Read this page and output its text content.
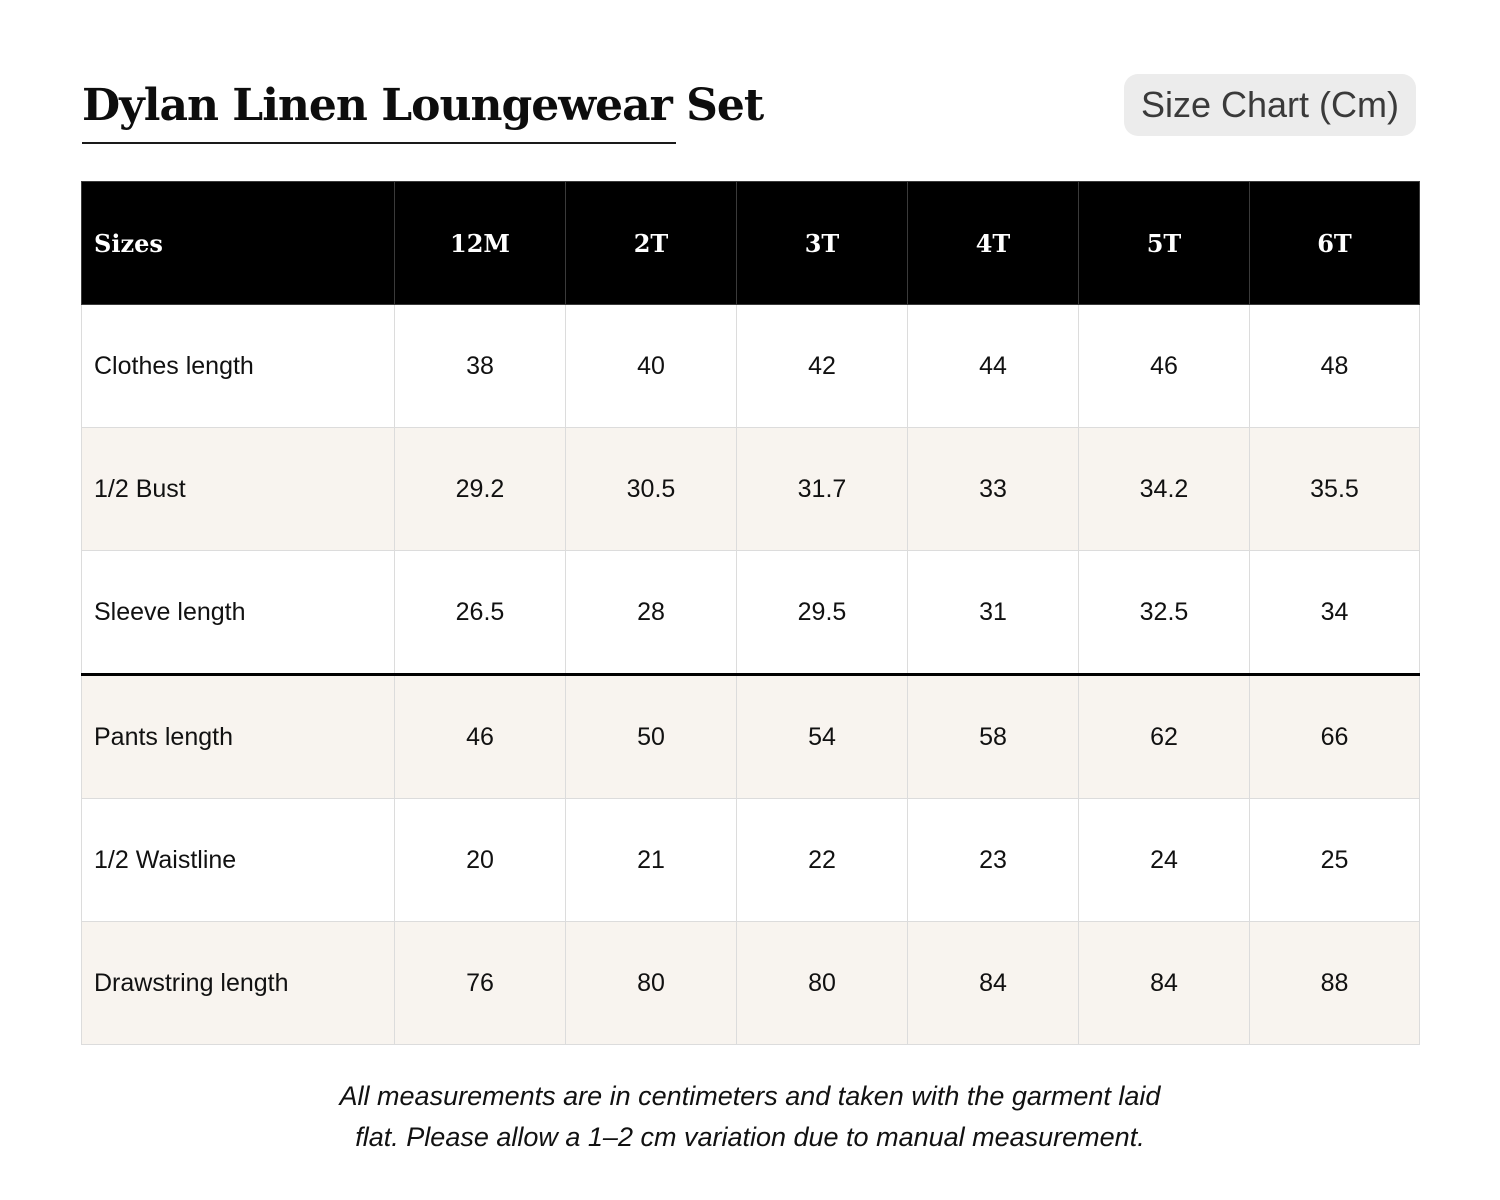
Dylan Linen Loungewear Set	Size Chart (Cm)
Sizes	12M	2T	3T	4T	5T	6T
Clothes length	38	40	42	44	46	48
1/2 Bust	29.2	30.5	31.7	33	34.2	35.5
Sleeve length	26.5	28	29.5	31	32.5	34
Pants length	46	50	54	58	62	66
1/2 Waistline	20	21	22	23	24	25
Drawstring length	76	80	80	84	84	88

All measurements are in centimeters and taken with the garment laid
flat. Please allow a 1–2 cm variation due to manual measurement.
